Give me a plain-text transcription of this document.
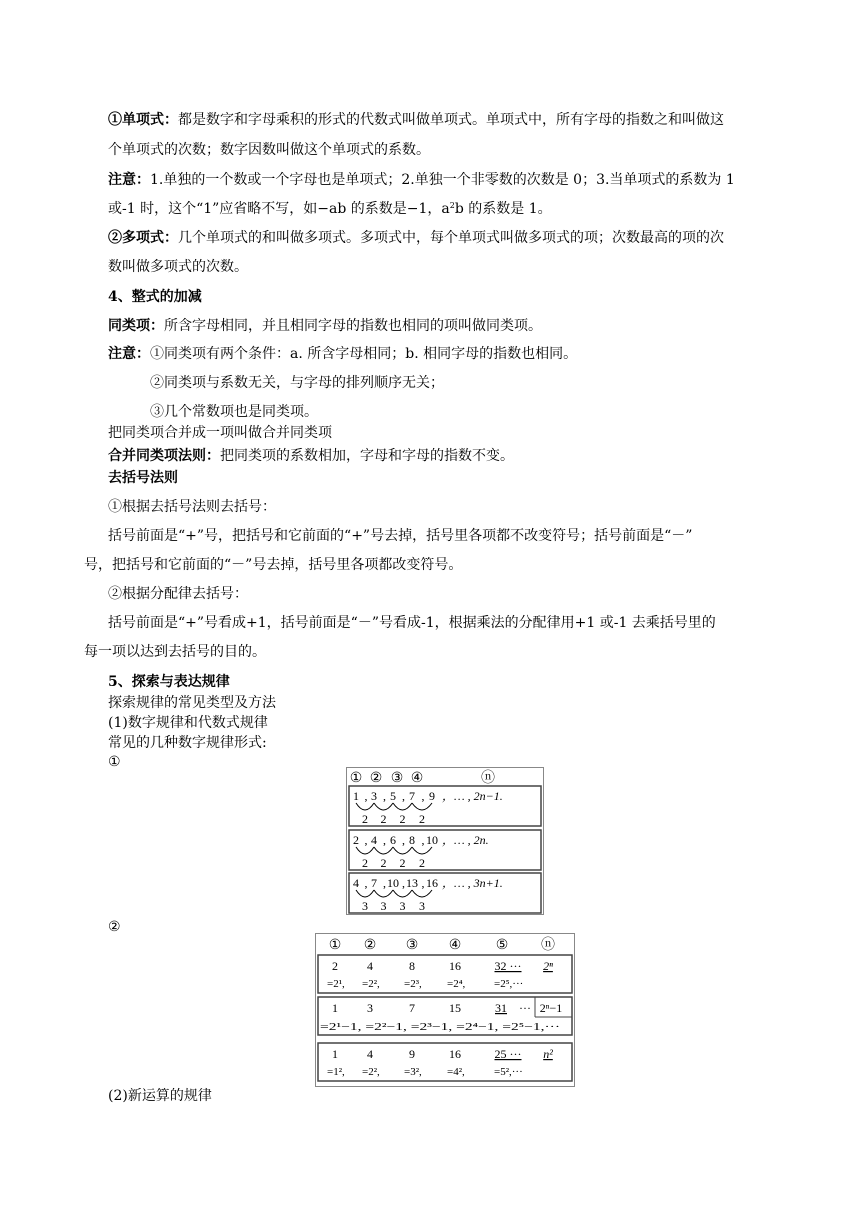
①单项式：都是数字和字母乘积的形式的代数式叫做单项式。单项式中，所有字母的指数之和叫做这
个单项式的次数；数字因数叫做这个单项式的系数。
注意：1.单独的一个数或一个字母也是单项式；2.单独一个非零数的次数是 0；3.当单项式的系数为 1
或-1 时，这个“1”应省略不写，如−ab 的系数是−1，$a^2b$ 的系数是 1。
②多项式：几个单项式的和叫做多项式。多项式中，每个单项式叫做多项式的项；次数最高的项的次
数叫做多项式的次数。
4、整式的加减
同类项：所含字母相同，并且相同字母的指数也相同的项叫做同类项。
注意：①同类项有两个条件：a. 所含字母相同；b. 相同字母的指数也相同。
②同类项与系数无关，与字母的排列顺序无关；
③几个常数项也是同类项。
把同类项合并成一项叫做合并同类项
合并同类项法则：把同类项的系数相加，字母和字母的指数不变。
去括号法则
①根据去括号法则去括号：
括号前面是“+”号，把括号和它前面的“+”号去掉，括号里各项都不改变符号；括号前面是“－”
号，把括号和它前面的“－”号去掉，括号里各项都改变符号。
②根据分配律去括号：
括号前面是“+”号看成+1，括号前面是“－”号看成-1，根据乘法的分配律用+1 或-1 去乘括号里的
每一项以达到去括号的目的。
5、探索与表达规律
探索规律的常见类型及方法
(1)数字规律和代数式规律
常见的几种数字规律形式:
①
②
(2)新运算的规律
① ② ③ ④	ⓝ
1 , 3 , 5 , 7 , 9 ，… , 2n−1.
2 2 2 2
2 , 4 , 6 , 8 , 10 ，… , 2n.
2 2 2 2
4 , 7 , 10 , 13 , 16 ，… , 3n+1.
3 3 3 3
① ② ③ ④ ⑤ ⓝ
2 4	8	16	32 ··· 2ⁿ
=2¹, =2², =2³, =2⁴,	=2⁵,···
1 3	7	15	31 ··· 2ⁿ−1
=2¹−1, =2²−1, =2³−1, =2⁴−1, =2⁵−1,···
1 4	9	16	25 ··· n²
=1², =2², =3², =4²,	=5²,···
